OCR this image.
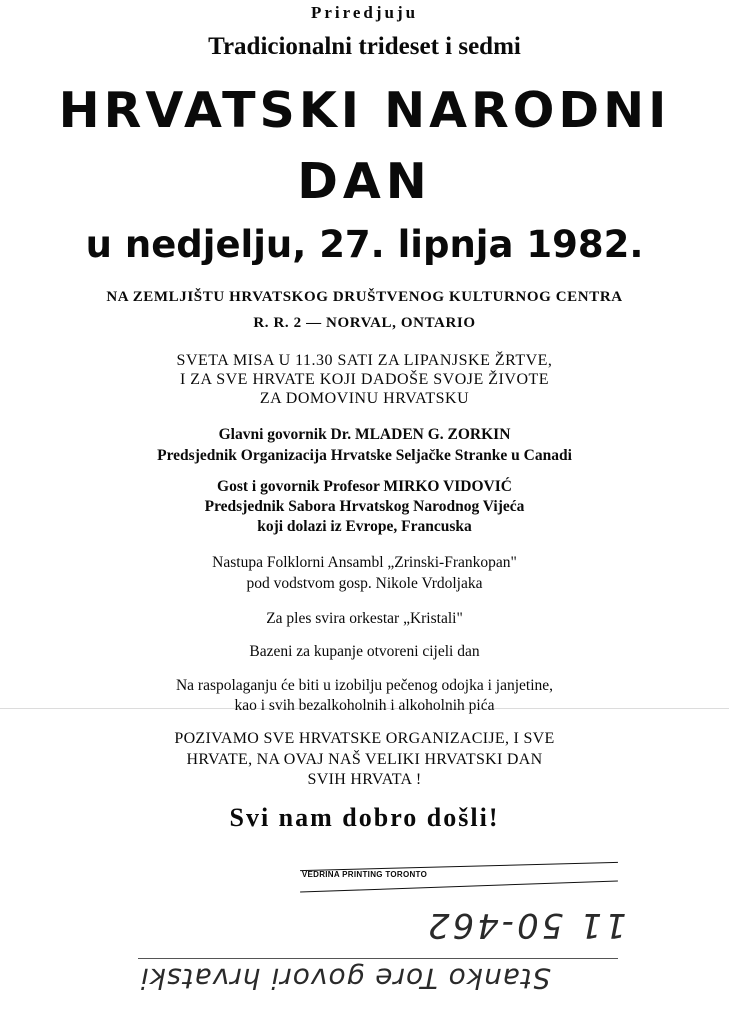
Priredjuju
Tradicionalni trideset i sedmi
HRVATSKI NARODNI
DAN
u nedjelju, 27. lipnja 1982.
NA ZEMLJIŠTU HRVATSKOG DRUŠTVENOG KULTURNOG CENTRA
R. R. 2 — NORVAL, ONTARIO
SVETA MISA U 11.30 SATI ZA LIPANJSKE ŽRTVE,
I ZA SVE HRVATE KOJI DADOŠE SVOJE ŽIVOTE
ZA DOMOVINU HRVATSKU
Glavni govornik Dr. MLADEN G. ZORKIN
Predsjednik Organizacija Hrvatske Seljačke Stranke u Canadi
Gost i govornik Profesor MIRKO VIDOVIĆ
Predsjednik Sabora Hrvatskog Narodnog Vijeća
koji dolazi iz Evrope, Francuska
Nastupa Folklorni Ansambl „Zrinski-Frankopan"
pod vodstvom gosp. Nikole Vrdoljaka
Za ples svira orkestar „Kristali"
Bazeni za kupanje otvoreni cijeli dan
Na raspolaganju će biti u izobilju pečenog odojka i janjetine,
kao i svih bezalkoholnih i alkoholnih pića
POZIVAMO SVE HRVATSKE ORGANIZACIJE, I SVE
HRVATE, NA OVAJ NAŠ VELIKI HRVATSKI DAN
SVIH HRVATA !
Svi nam dobro došli!
VEDRINA PRINTING TORONTO
11 50-462
Stanko Tore govori hrvatski
